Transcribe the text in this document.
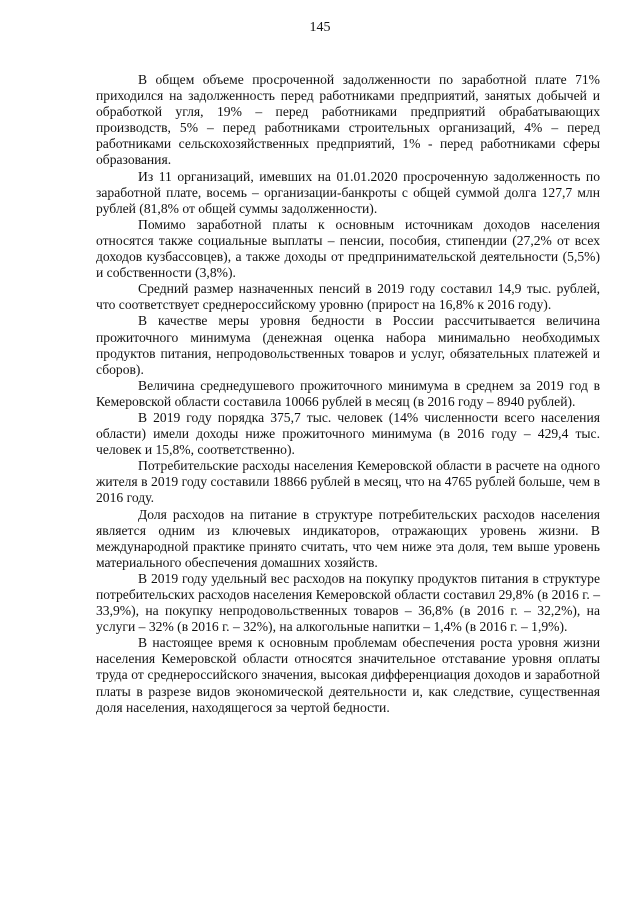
145

В общем объеме просроченной задолженности по заработной плате 71% приходился на задолженность перед работниками предприятий, занятых добычей и обработкой угля, 19% – перед работниками предприятий обрабатывающих производств, 5% – перед работниками строительных организаций, 4% – перед работниками сельскохозяйственных предприятий, 1% - перед работниками сферы образования.

Из 11 организаций, имевших на 01.01.2020 просроченную задолженность по заработной плате, восемь – организации-банкроты с общей суммой долга 127,7 млн рублей (81,8% от общей суммы задолженности).

Помимо заработной платы к основным источникам доходов населения относятся также социальные выплаты – пенсии, пособия, стипендии (27,2% от всех доходов кузбассовцев), а также доходы от предпринимательской деятельности (5,5%) и собственности (3,8%).

Средний размер назначенных пенсий в 2019 году составил 14,9 тыс. рублей, что соответствует среднероссийскому уровню (прирост на 16,8% к 2016 году).

В качестве меры уровня бедности в России рассчитывается величина прожиточного минимума (денежная оценка набора минимально необходимых продуктов питания, непродовольственных товаров и услуг, обязательных платежей и сборов).

Величина среднедушевого прожиточного минимума в среднем за 2019 год в Кемеровской области составила 10066 рублей в месяц (в 2016 году – 8940 рублей).

В 2019 году порядка 375,7 тыс. человек (14% численности всего населения области) имели доходы ниже прожиточного минимума (в 2016 году – 429,4 тыс. человек и 15,8%, соответственно).

Потребительские расходы населения Кемеровской области в расчете на одного жителя в 2019 году составили 18866 рублей в месяц, что на 4765 рублей больше, чем в 2016 году.

Доля расходов на питание в структуре потребительских расходов населения является одним из ключевых индикаторов, отражающих уровень жизни. В международной практике принято считать, что чем ниже эта доля, тем выше уровень материального обеспечения домашних хозяйств.

В 2019 году удельный вес расходов на покупку продуктов питания в структуре потребительских расходов населения Кемеровской области составил 29,8% (в 2016 г. – 33,9%), на покупку непродовольственных товаров – 36,8% (в 2016 г. – 32,2%), на услуги – 32% (в 2016 г. – 32%), на алкогольные напитки – 1,4% (в 2016 г. – 1,9%).

В настоящее время к основным проблемам обеспечения роста уровня жизни населения Кемеровской области относятся значительное отставание уровня оплаты труда от среднероссийского значения, высокая дифференциация доходов и заработной платы в разрезе видов экономической деятельности и, как следствие, существенная доля населения, находящегося за чертой бедности.
